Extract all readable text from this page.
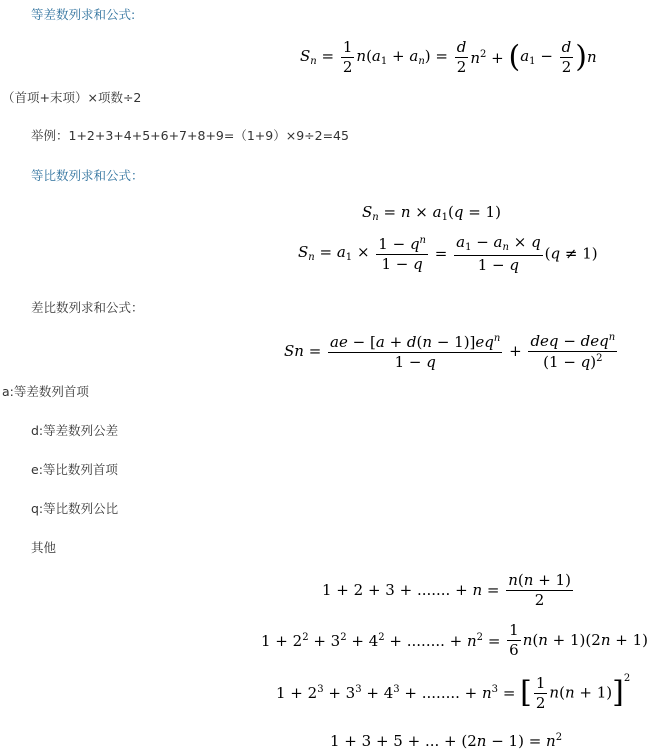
等差数列求和公式:
$S_n = \frac{1}{2} n(a_1 + a_n) = \frac{d}{2} n^2 + (a_1 - \frac{d}{2} )n$
（首项+末项）×项数÷2
举例：1+2+3+4+5+6+7+8+9=（1+9）×9÷2=45
等比数列求和公式：
$S_n = n \times a_1(q = 1)$
$S_n = a_1 \times \frac{1 - q^n}{1 - q} = \frac{a_1 - a_n \times q}{1 - q} (q \ne 1)$
差比数列求和公式：
$Sn = \frac{ae - [a + d(n - 1)]eq^n}{1 - q} + \frac{deq - deq^n}{(1 - q)^2}$
a:等差数列首项
d:等差数列公差
e:等比数列首项
q:等比数列公比
其他
1 + 2 + 3 + ....... + $n = \frac{n(n + 1)}{2}$
$1 + 2^2 + 3^2 + 4^2$ + ........ + $n^2 = \frac{1}{6} n(n + 1)(2n + 1)$
$1 + 2^3 + 3^3 + 4^3$ + ........ + $n^3$ = [ $\frac{1}{2} n(n + 1)]^2$
1 + 3 + 5 + ... + $(2n - 1) = n^2$
